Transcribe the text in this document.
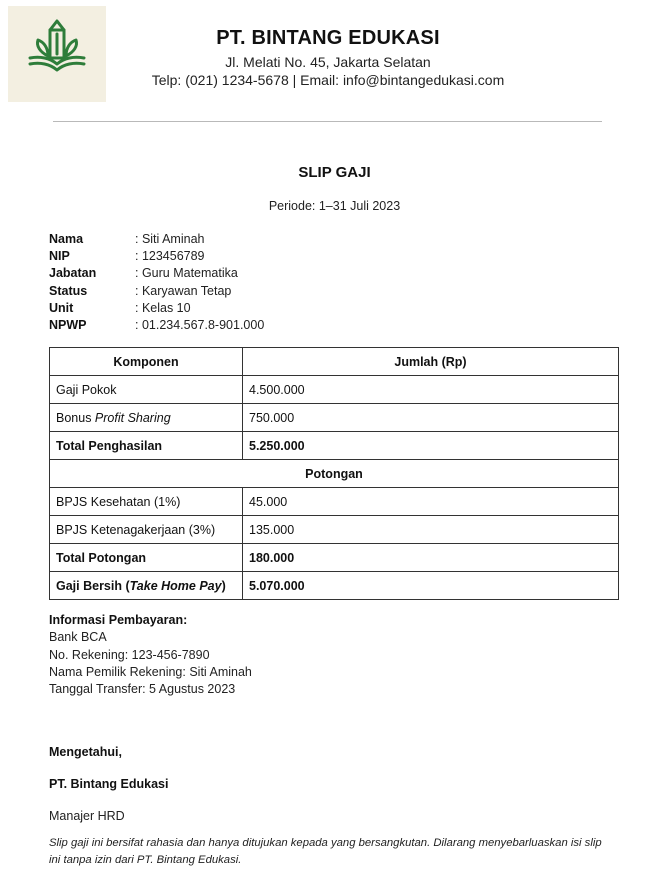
PT. BINTANG EDUKASI
Jl. Melati No. 45, Jakarta Selatan
Telp: (021) 1234-5678 | Email: info@bintangedukasi.com
SLIP GAJI
Periode: 1–31 Juli 2023
Nama	: Siti Aminah
NIP	: 123456789
Jabatan	: Guru Matematika
Status	: Karyawan Tetap
Unit	: Kelas 10
NPWP	: 01.234.567.8-901.000
Komponen	Jumlah (Rp)
Gaji Pokok	4.500.000
Bonus Profit Sharing	750.000
Total Penghasilan	5.250.000
Potongan	
BPJS Kesehatan (1%)	45.000
BPJS Ketenagakerjaan (3%)	135.000
Total Potongan	180.000
Gaji Bersih (Take Home Pay)	5.070.000
Informasi Pembayaran:
Bank BCA
No. Rekening: 123-456-7890
Nama Pemilik Rekening: Siti Aminah
Tanggal Transfer: 5 Agustus 2023
Mengetahui,
PT. Bintang Edukasi
Manajer HRD
Slip gaji ini bersifat rahasia dan hanya ditujukan kepada yang bersangkutan. Dilarang menyebarluaskan isi slip ini tanpa izin dari PT. Bintang Edukasi.
